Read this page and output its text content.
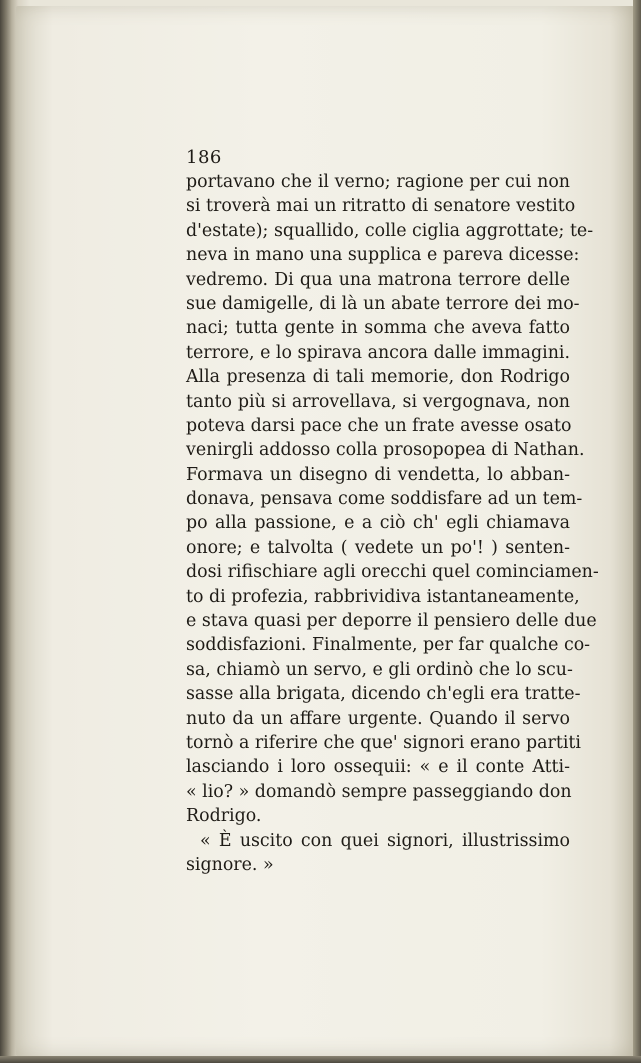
186
portavano che il verno; ragione per cui non
si troverà mai un ritratto di senatore vestito
d'estate); squallido, colle ciglia aggrottate; te-
neva in mano una supplica e pareva dicesse:
vedremo. Di qua una matrona terrore delle
sue damigelle, di là un abate terrore dei mo-
naci; tutta gente in somma che aveva fatto
terrore, e lo spirava ancora dalle immagini.
Alla presenza di tali memorie, don Rodrigo
tanto più si arrovellava, si vergognava, non
poteva darsi pace che un frate avesse osato
venirgli addosso colla prosopopea di Nathan.
Formava un disegno di vendetta, lo abban-
donava, pensava come soddisfare ad un tem-
po alla passione, e a ciò ch' egli chiamava
onore; e talvolta ( vedete un po'! ) senten-
dosi rifischiare agli orecchi quel cominciamen-
to di profezia, rabbrividiva istantaneamente,
e stava quasi per deporre il pensiero delle due
soddisfazioni. Finalmente, per far qualche co-
sa, chiamò un servo, e gli ordinò che lo scu-
sasse alla brigata, dicendo ch'egli era tratte-
nuto da un affare urgente. Quando il servo
tornò a riferire che que' signori erano partiti
lasciando i loro ossequii: « e il conte Atti-
« lio? » domandò sempre passeggiando don
Rodrigo.
« È uscito con quei signori, illustrissimo
signore. »
